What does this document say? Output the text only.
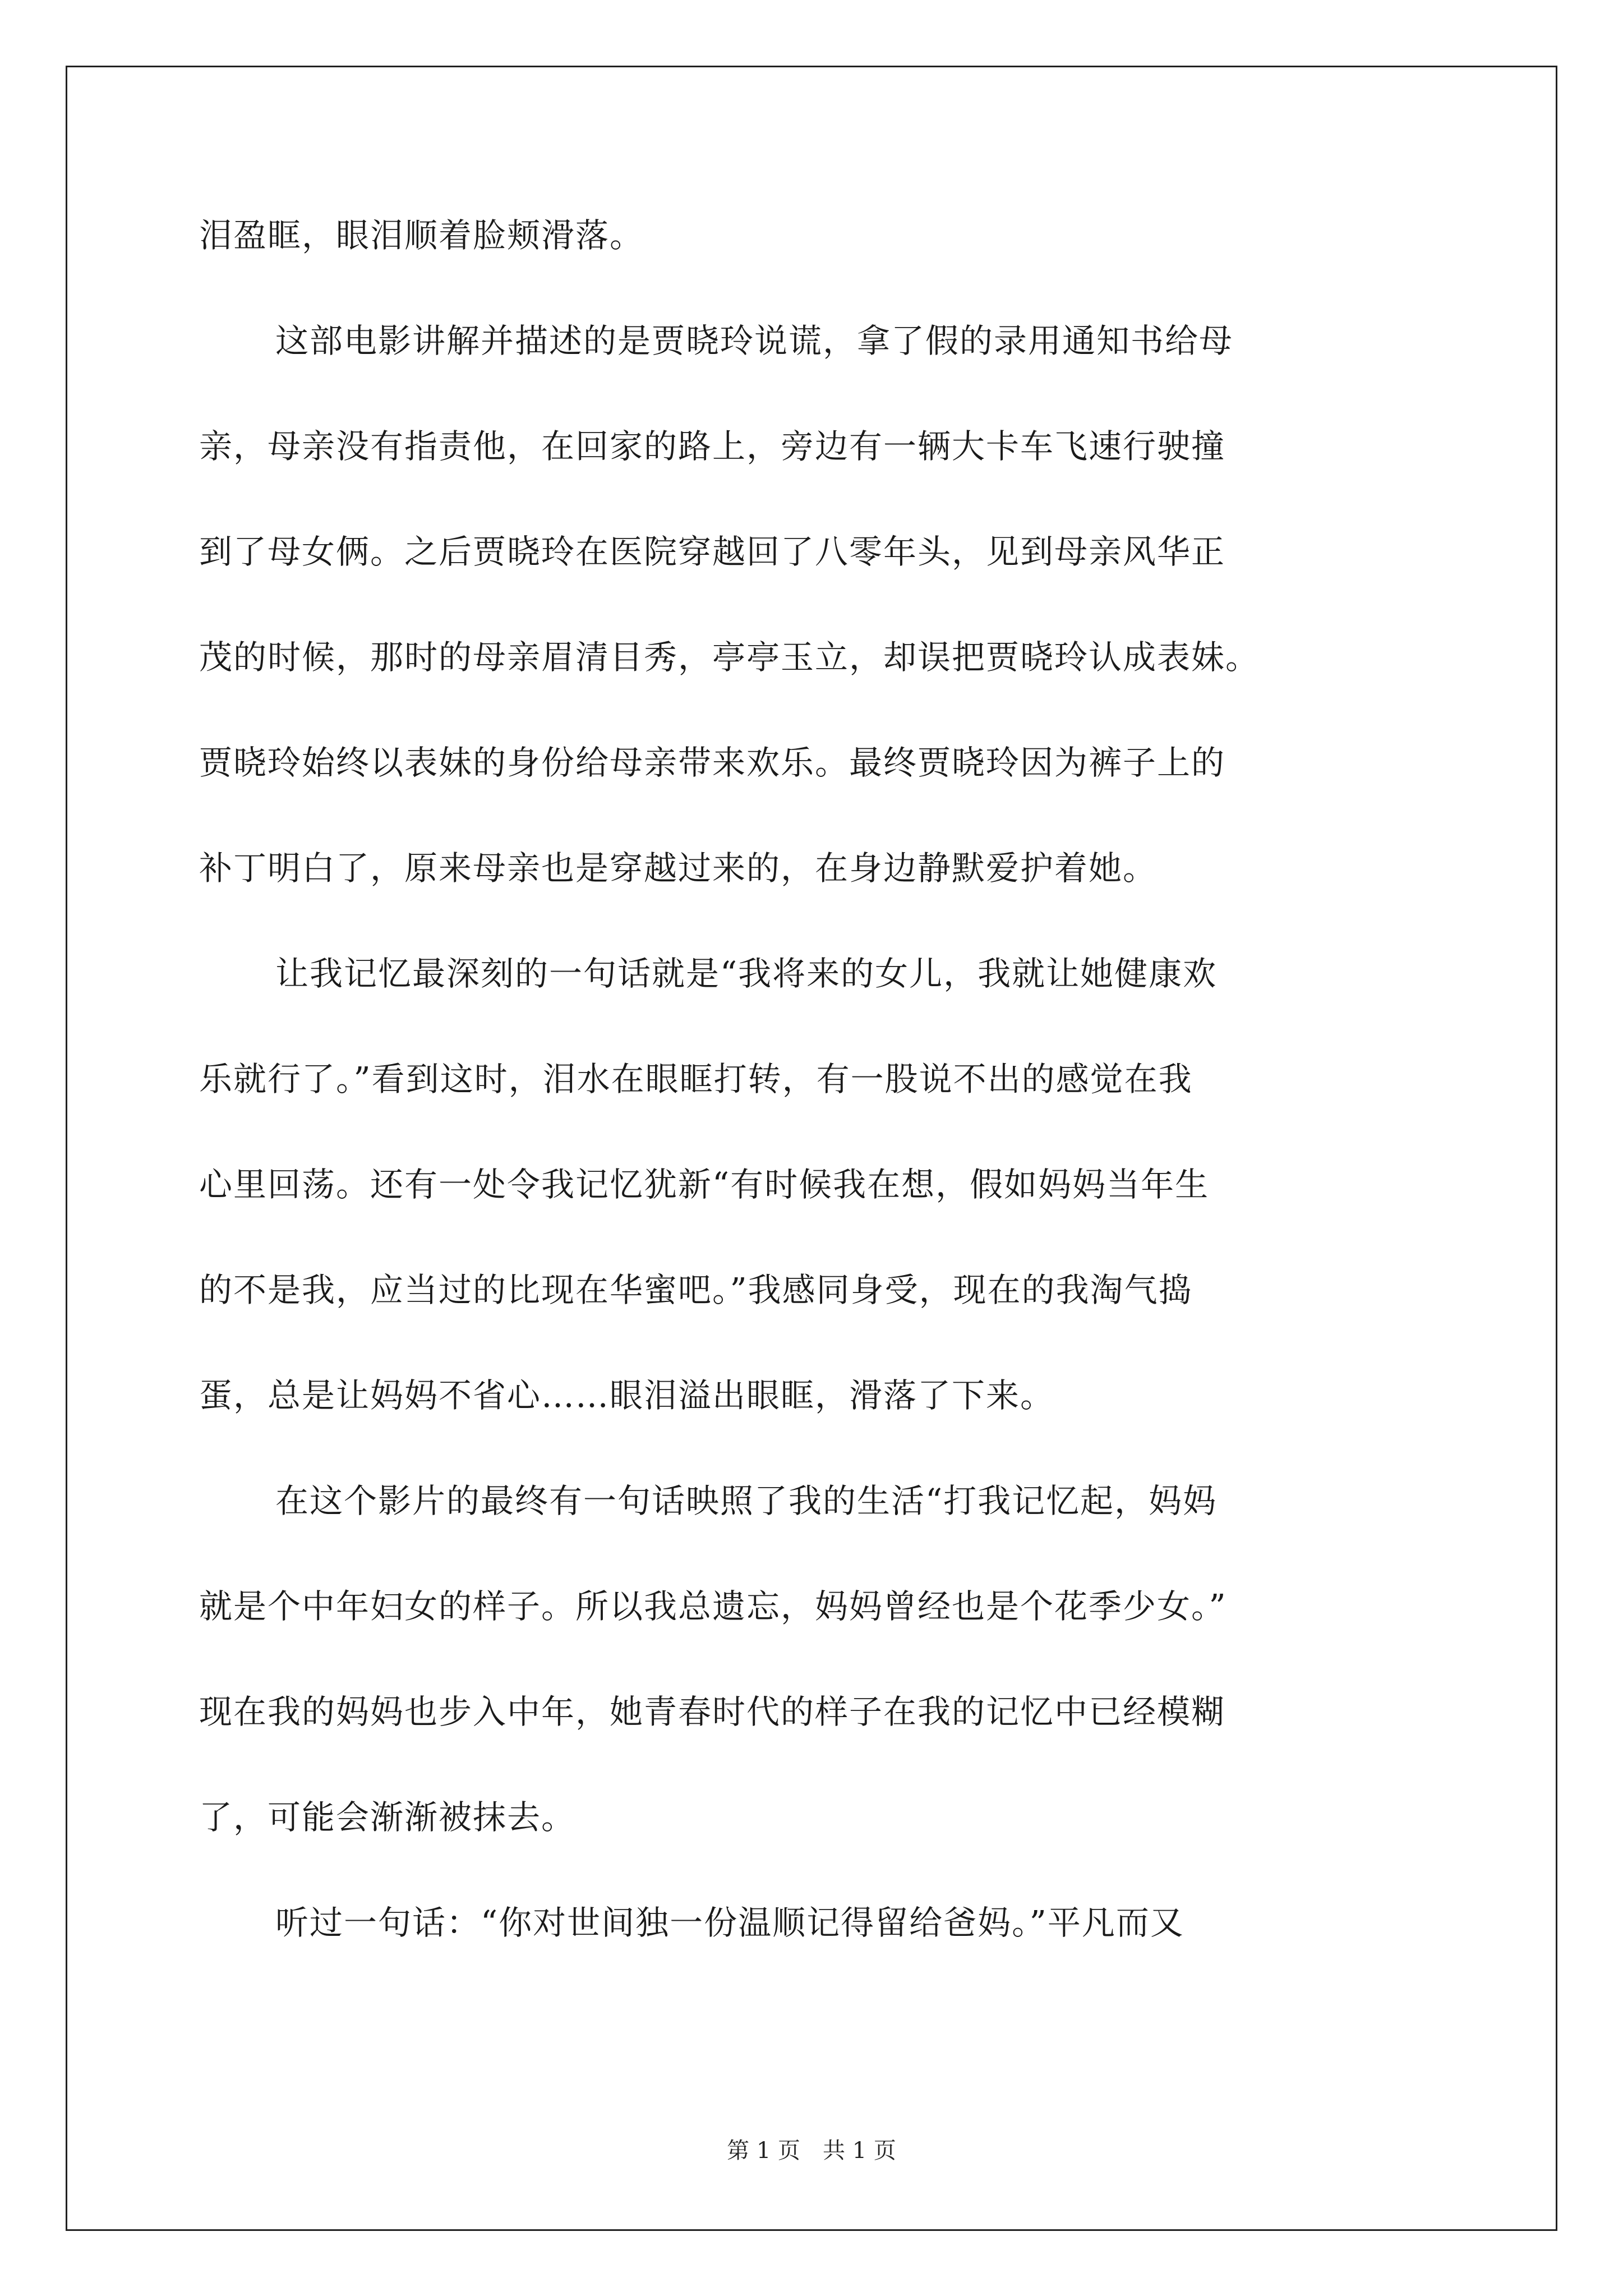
泪盈眶，眼泪顺着脸颊滑落。
这部电影讲解并描述的是贾晓玲说谎，拿了假的录用通知书给母
亲，母亲没有指责他，在回家的路上，旁边有一辆大卡车飞速行驶撞
到了母女俩。之后贾晓玲在医院穿越回了八零年头，见到母亲风华正
茂的时候，那时的母亲眉清目秀，亭亭玉立，却误把贾晓玲认成表妹。
贾晓玲始终以表妹的身份给母亲带来欢乐。最终贾晓玲因为裤子上的
补丁明白了，原来母亲也是穿越过来的，在身边静默爱护着她。
让我记忆最深刻的一句话就是“我将来的女儿，我就让她健康欢
乐就行了。”看到这时，泪水在眼眶打转，有一股说不出的感觉在我
心里回荡。还有一处令我记忆犹新“有时候我在想，假如妈妈当年生
的不是我，应当过的比现在华蜜吧。”我感同身受，现在的我淘气捣
蛋，总是让妈妈不省心……眼泪溢出眼眶，滑落了下来。
在这个影片的最终有一句话映照了我的生活“打我记忆起，妈妈
就是个中年妇女的样子。所以我总遗忘，妈妈曾经也是个花季少女。”
现在我的妈妈也步入中年，她青春时代的样子在我的记忆中已经模糊
了，可能会渐渐被抹去。
听过一句话：“你对世间独一份温顺记得留给爸妈。”平凡而又
第 1 页 共 1 页
